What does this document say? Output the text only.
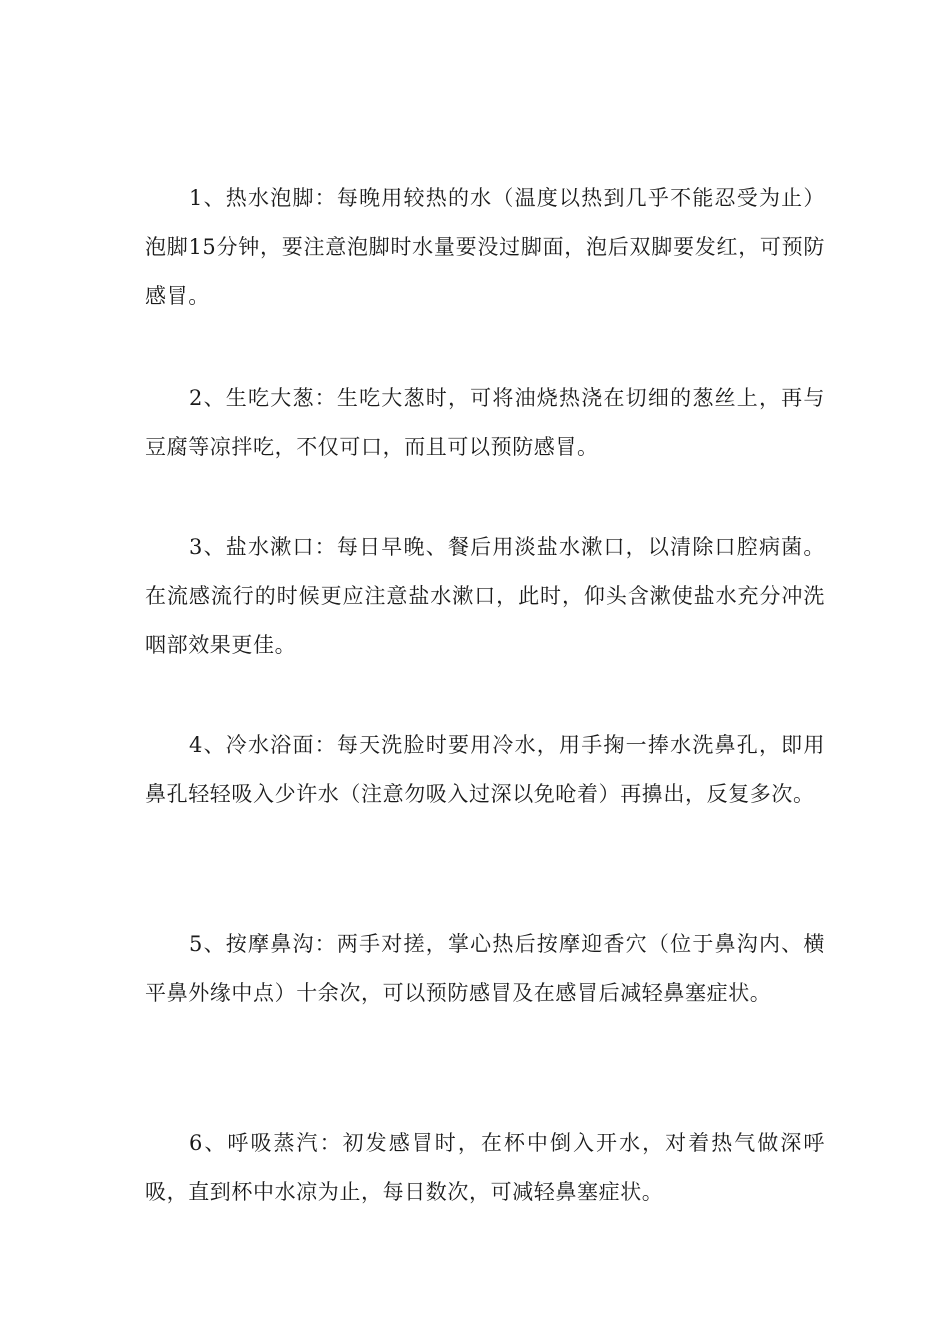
1、热水泡脚：每晚用较热的水（温度以热到几乎不能忍受为止）泡脚15分钟，要注意泡脚时水量要没过脚面，泡后双脚要发红，可预防感冒。

2、生吃大葱：生吃大葱时，可将油烧热浇在切细的葱丝上，再与豆腐等凉拌吃，不仅可口，而且可以预防感冒。

3、盐水漱口：每日早晚、餐后用淡盐水漱口，以清除口腔病菌。在流感流行的时候更应注意盐水漱口，此时，仰头含漱使盐水充分冲洗咽部效果更佳。

4、冷水浴面：每天洗脸时要用冷水，用手掬一捧水洗鼻孔，即用鼻孔轻轻吸入少许水（注意勿吸入过深以免呛着）再擤出，反复多次。

5、按摩鼻沟：两手对搓，掌心热后按摩迎香穴（位于鼻沟内、横平鼻外缘中点）十余次，可以预防感冒及在感冒后减轻鼻塞症状。

6、呼吸蒸汽：初发感冒时，在杯中倒入开水，对着热气做深呼吸，直到杯中水凉为止，每日数次，可减轻鼻塞症状。
